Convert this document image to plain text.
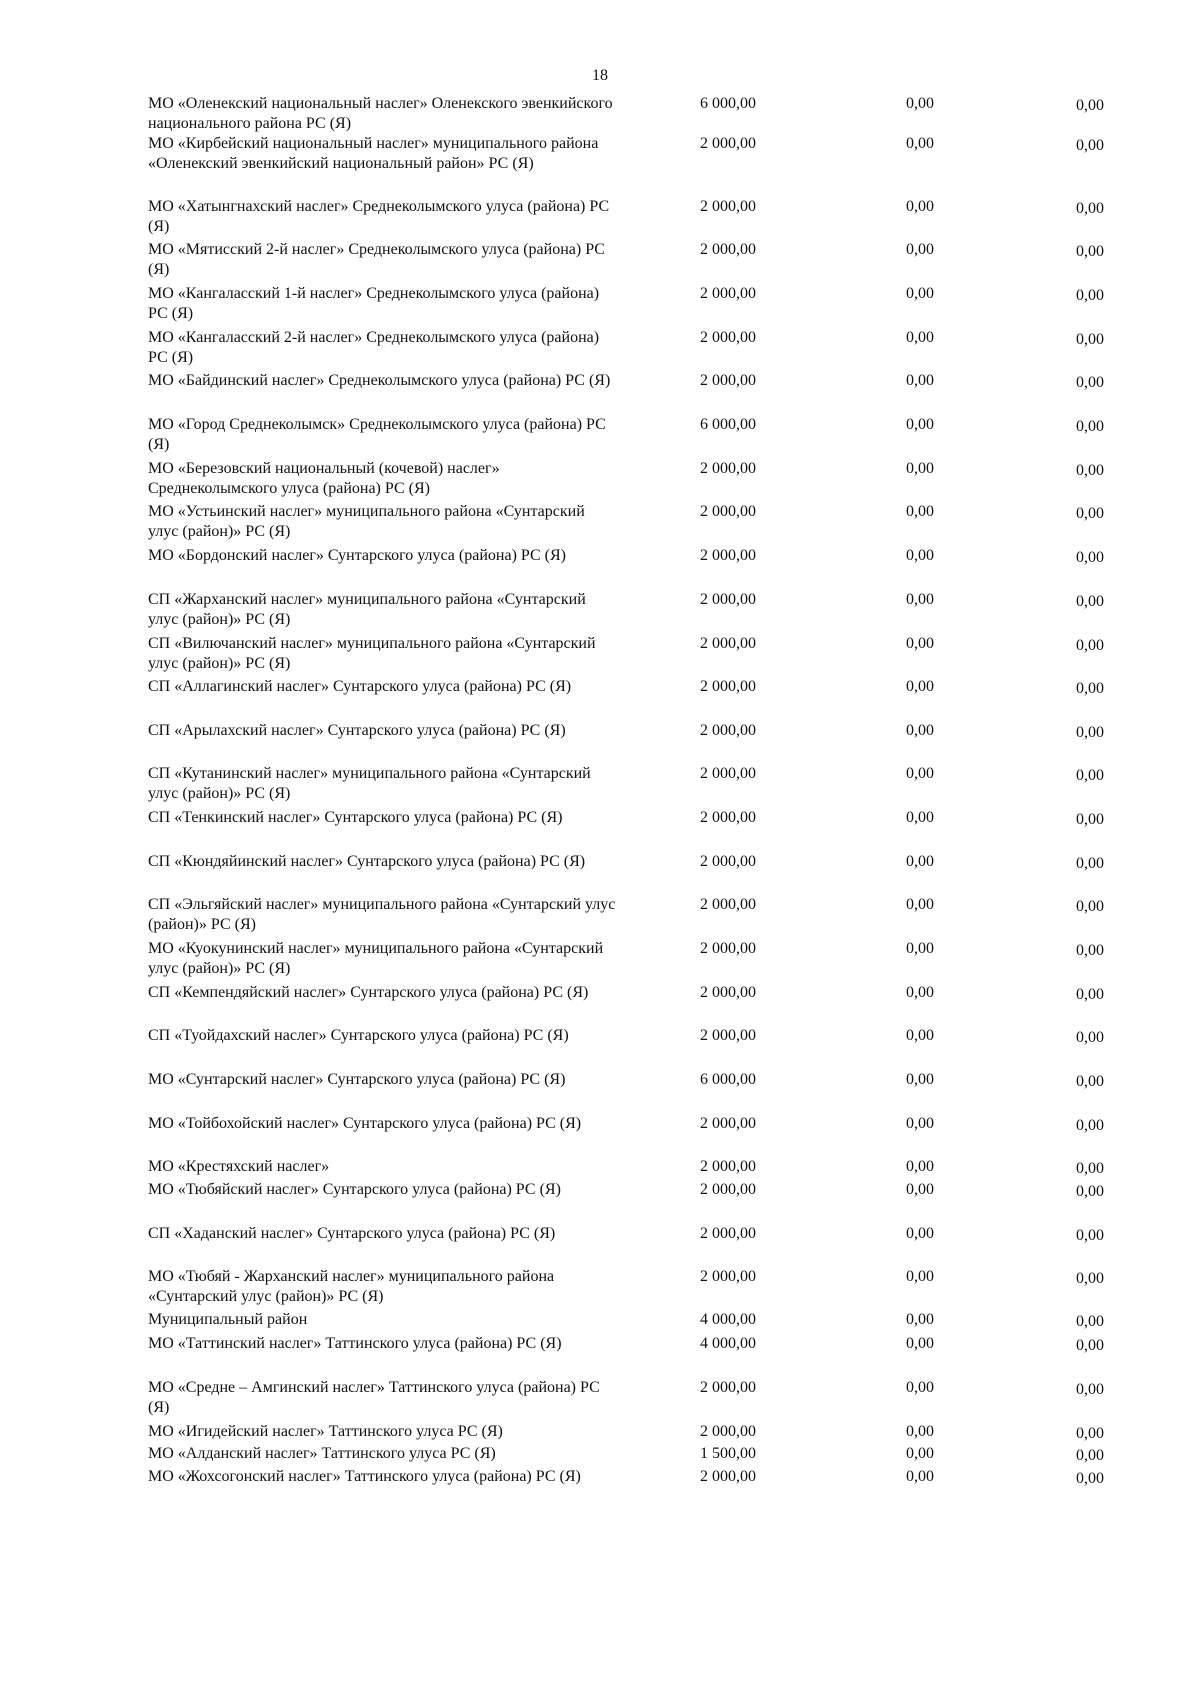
18
МО «Оленекский национальный наслег» Оленекского эвенкийского национального района РС (Я)
6 000,00	0,00	0,00
МО «Кирбейский национальный наслег» муниципального района «Оленекский эвенкийский национальный район» РС (Я)
2 000,00	0,00	0,00
МО «Хатынгнахский наслег» Среднеколымского улуса (района) РС (Я)
2 000,00	0,00	0,00
МО «Мятисский 2-й наслег» Среднеколымского улуса (района) РС (Я)
2 000,00	0,00	0,00
МО «Кангаласский 1-й наслег» Среднеколымского улуса (района) РС (Я)
2 000,00	0,00	0,00
МО «Кангаласский 2-й наслег» Среднеколымского улуса (района) РС (Я)
2 000,00	0,00	0,00
МО «Байдинский наслег» Среднеколымского улуса (района) РС (Я)	2 000,00	0,00	0,00
МО «Город Среднеколымск» Среднеколымского улуса (района) РС (Я)
6 000,00	0,00	0,00
МО «Березовский национальный (кочевой) наслег» Среднеколымского улуса (района) РС (Я)
2 000,00	0,00	0,00
МО «Устьинский наслег» муниципального района «Сунтарский улус (район)» РС (Я)
2 000,00	0,00	0,00
МО «Бордонский наслег» Сунтарского улуса (района) РС (Я)	2 000,00	0,00	0,00
СП «Жарханский наслег» муниципального района «Сунтарский улус (район)» РС (Я)
2 000,00	0,00	0,00
СП «Вилючанский наслег» муниципального района «Сунтарский улус (район)» РС (Я)
2 000,00	0,00	0,00
СП «Аллагинский наслег» Сунтарского улуса (района) РС (Я)	2 000,00	0,00	0,00
СП «Арылахский наслег» Сунтарского улуса (района) РС (Я)	2 000,00	0,00	0,00
СП «Кутанинский наслег» муниципального района «Сунтарский улус (район)» РС (Я)
2 000,00	0,00	0,00
СП «Тенкинский наслег» Сунтарского улуса (района) РС (Я)	2 000,00	0,00	0,00
СП «Кюндяйинский наслег» Сунтарского улуса (района) РС (Я)	2 000,00	0,00	0,00
СП «Эльгяйский наслег» муниципального района «Сунтарский улус (район)» РС (Я)
2 000,00	0,00	0,00
МО «Куокунинский наслег» муниципального района «Сунтарский улус (район)» РС (Я)
2 000,00	0,00	0,00
СП «Кемпендяйский наслег» Сунтарского улуса (района) РС (Я)	2 000,00	0,00	0,00
СП «Туойдахский наслег» Сунтарского улуса (района) РС (Я)	2 000,00	0,00	0,00
МО «Сунтарский наслег» Сунтарского улуса (района) РС (Я)	6 000,00	0,00	0,00
МО «Тойбохойский наслег» Сунтарского улуса (района) РС (Я)	2 000,00	0,00	0,00
МО «Крестяхский наслег»	2 000,00	0,00	0,00
МО «Тюбяйский наслег» Сунтарского улуса (района) РС (Я)	2 000,00	0,00	0,00
СП «Хаданский наслег» Сунтарского улуса (района) РС (Я)	2 000,00	0,00	0,00
МО «Тюбяй - Жарханский наслег» муниципального района «Сунтарский улус (район)» РС (Я)
2 000,00	0,00	0,00
Муниципальный район	4 000,00	0,00	0,00
МО «Таттинский наслег» Таттинского улуса (района) РС (Я)	4 000,00	0,00	0,00
МО «Средне – Амгинский наслег» Таттинского улуса (района) РС (Я)
2 000,00	0,00	0,00
МО «Игидейский наслег» Таттинского улуса РС (Я)	2 000,00	0,00	0,00
МО «Алданский наслег» Таттинского улуса РС (Я)	1 500,00	0,00	0,00
МО «Жохсогонский наслег» Таттинского улуса (района) РС (Я)	2 000,00	0,00	0,00
